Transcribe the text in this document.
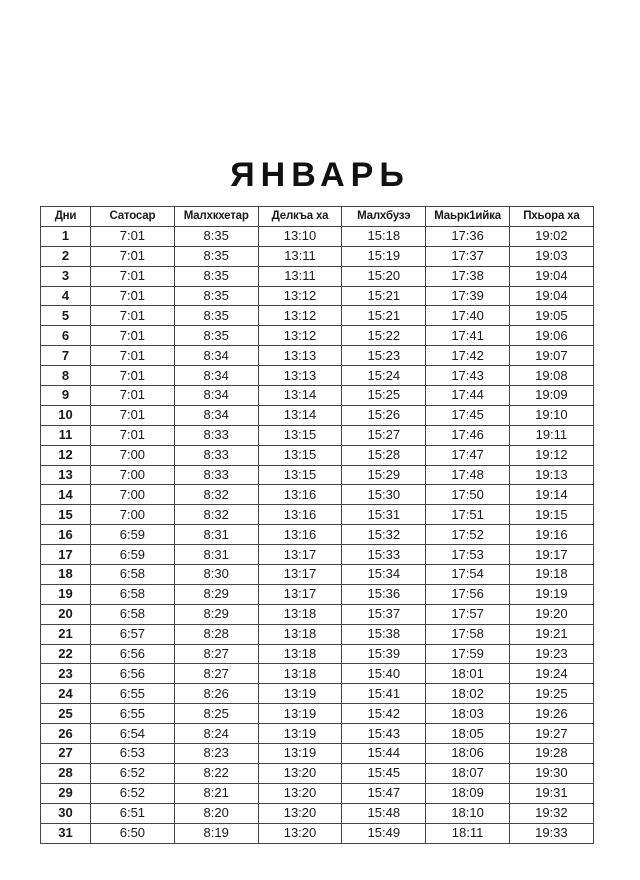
ЯНВАРЬ
Дни	Сатосар	Малхкхетар	Делкъа ха	Малхбузэ	Маьрк1ийка	Пхьора ха
1	7:01	8:35	13:10	15:18	17:36	19:02
2	7:01	8:35	13:11	15:19	17:37	19:03
3	7:01	8:35	13:11	15:20	17:38	19:04
4	7:01	8:35	13:12	15:21	17:39	19:04
5	7:01	8:35	13:12	15:21	17:40	19:05
6	7:01	8:35	13:12	15:22	17:41	19:06
7	7:01	8:34	13:13	15:23	17:42	19:07
8	7:01	8:34	13:13	15:24	17:43	19:08
9	7:01	8:34	13:14	15:25	17:44	19:09
10	7:01	8:34	13:14	15:26	17:45	19:10
11	7:01	8:33	13:15	15:27	17:46	19:11
12	7:00	8:33	13:15	15:28	17:47	19:12
13	7:00	8:33	13:15	15:29	17:48	19:13
14	7:00	8:32	13:16	15:30	17:50	19:14
15	7:00	8:32	13:16	15:31	17:51	19:15
16	6:59	8:31	13:16	15:32	17:52	19:16
17	6:59	8:31	13:17	15:33	17:53	19:17
18	6:58	8:30	13:17	15:34	17:54	19:18
19	6:58	8:29	13:17	15:36	17:56	19:19
20	6:58	8:29	13:18	15:37	17:57	19:20
21	6:57	8:28	13:18	15:38	17:58	19:21
22	6:56	8:27	13:18	15:39	17:59	19:23
23	6:56	8:27	13:18	15:40	18:01	19:24
24	6:55	8:26	13:19	15:41	18:02	19:25
25	6:55	8:25	13:19	15:42	18:03	19:26
26	6:54	8:24	13:19	15:43	18:05	19:27
27	6:53	8:23	13:19	15:44	18:06	19:28
28	6:52	8:22	13:20	15:45	18:07	19:30
29	6:52	8:21	13:20	15:47	18:09	19:31
30	6:51	8:20	13:20	15:48	18:10	19:32
31	6:50	8:19	13:20	15:49	18:11	19:33
